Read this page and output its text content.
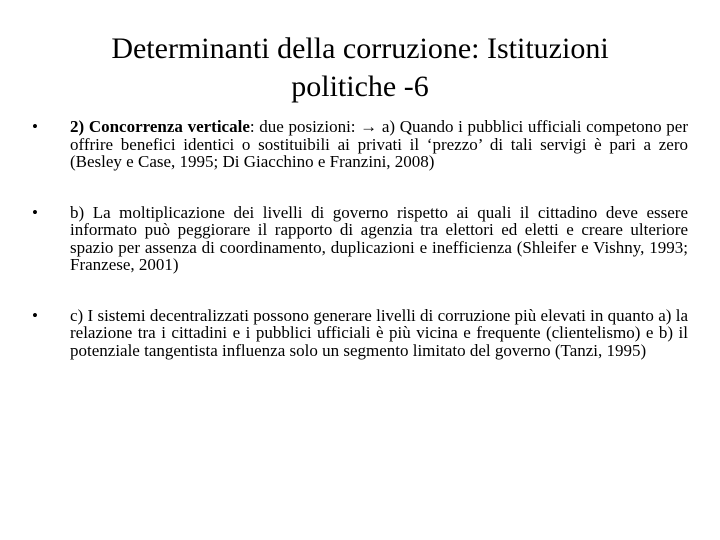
Determinanti della corruzione: Istituzioni
politiche -6
•	2) Concorrenza verticale: due posizioni: → a) Quando i pubblici ufficiali competono per offrire benefici identici o sostituibili ai privati il ‘prezzo’ di tali servigi è pari a zero (Besley e Case, 1995; Di Giacchino e Franzini, 2008)
•	b) La moltiplicazione dei livelli di governo rispetto ai quali il cittadino deve essere informato può peggiorare il rapporto di agenzia tra elettori ed eletti e creare ulteriore spazio per assenza di coordinamento, duplicazioni e inefficienza (Shleifer e Vishny, 1993; Franzese, 2001)
•	c) I sistemi decentralizzati possono generare livelli di corruzione più elevati in quanto a) la relazione tra i cittadini e i pubblici ufficiali è più vicina e frequente (clientelismo) e b) il potenziale tangentista influenza solo un segmento limitato del governo (Tanzi, 1995)
